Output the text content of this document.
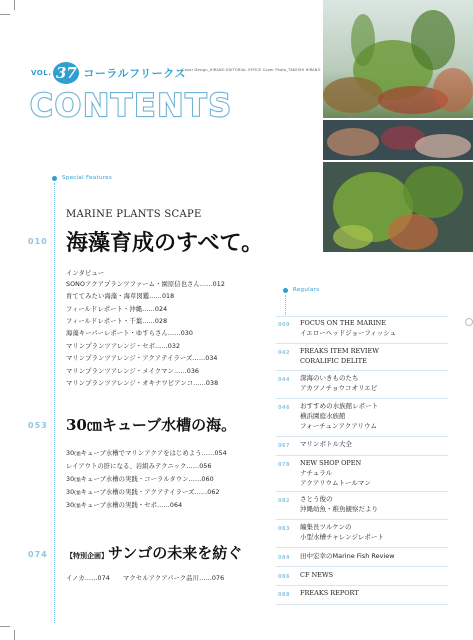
VOL. 37 コーラルフリークス
Cover Design_HIRANO EDITORIAL OFFICE Cover Photo_TAKESHI HIRANO
CONTENTS
Special Features
MARINE PLANTS SCAPE
010 海藻育成のすべて。
インタビュー
SONOアクアプランツファーム・園原信也さん……012
育ててみたい海藻・海草図鑑……018
フィールドレポート・沖縄……024
フィールドレポート・千葉……028
海藻キーパーレポート・ゆすらさん……030
マリンプランツアレンジ・セボ……032
マリンプランツアレンジ・アクアテイラーズ……034
マリンプランツアレンジ・メイクマン……036
マリンプランツアレンジ・オキナワビアンコ……038
053 30㎝キューブ水槽の海。
30㎝キューブ水槽でマリンアクアをはじめよう……054
レイアウトの肝になる、岩組みテクニック……056
30㎝キューブ水槽の実践・コーラルタウン……060
30㎝キューブ水槽の実践・アクアテイラーズ……062
30㎝キューブ水槽の実践・セボ……064
074	【特別企画】サンゴの未来を紡ぐ
イノカ……074 マクセルアクアパーク品川……076
Regulars
009 FOCUS ON THE MARINE
イエローヘッドジョーフィッシュ
042 FREAKS ITEM REVIEW
CORALIFIC DELITE
044 深海のいきものたち
アカツノチョウコオリエビ
046 おすすめの水族館レポート
横浜園庭水族館
フォーチュンアクアリウム
067 マリンボトル大全
078 NEW SHOP OPEN
ナチュラル
アクアリウムトールマン
082 さとう俊の
沖縄幼魚・稚魚観察だより
083 編集長ツルケンの
小型水槽チャレンジレポート
084 田中宏幸のMarine Fish Review
086 CF NEWS
088 FREAKS REPORT
